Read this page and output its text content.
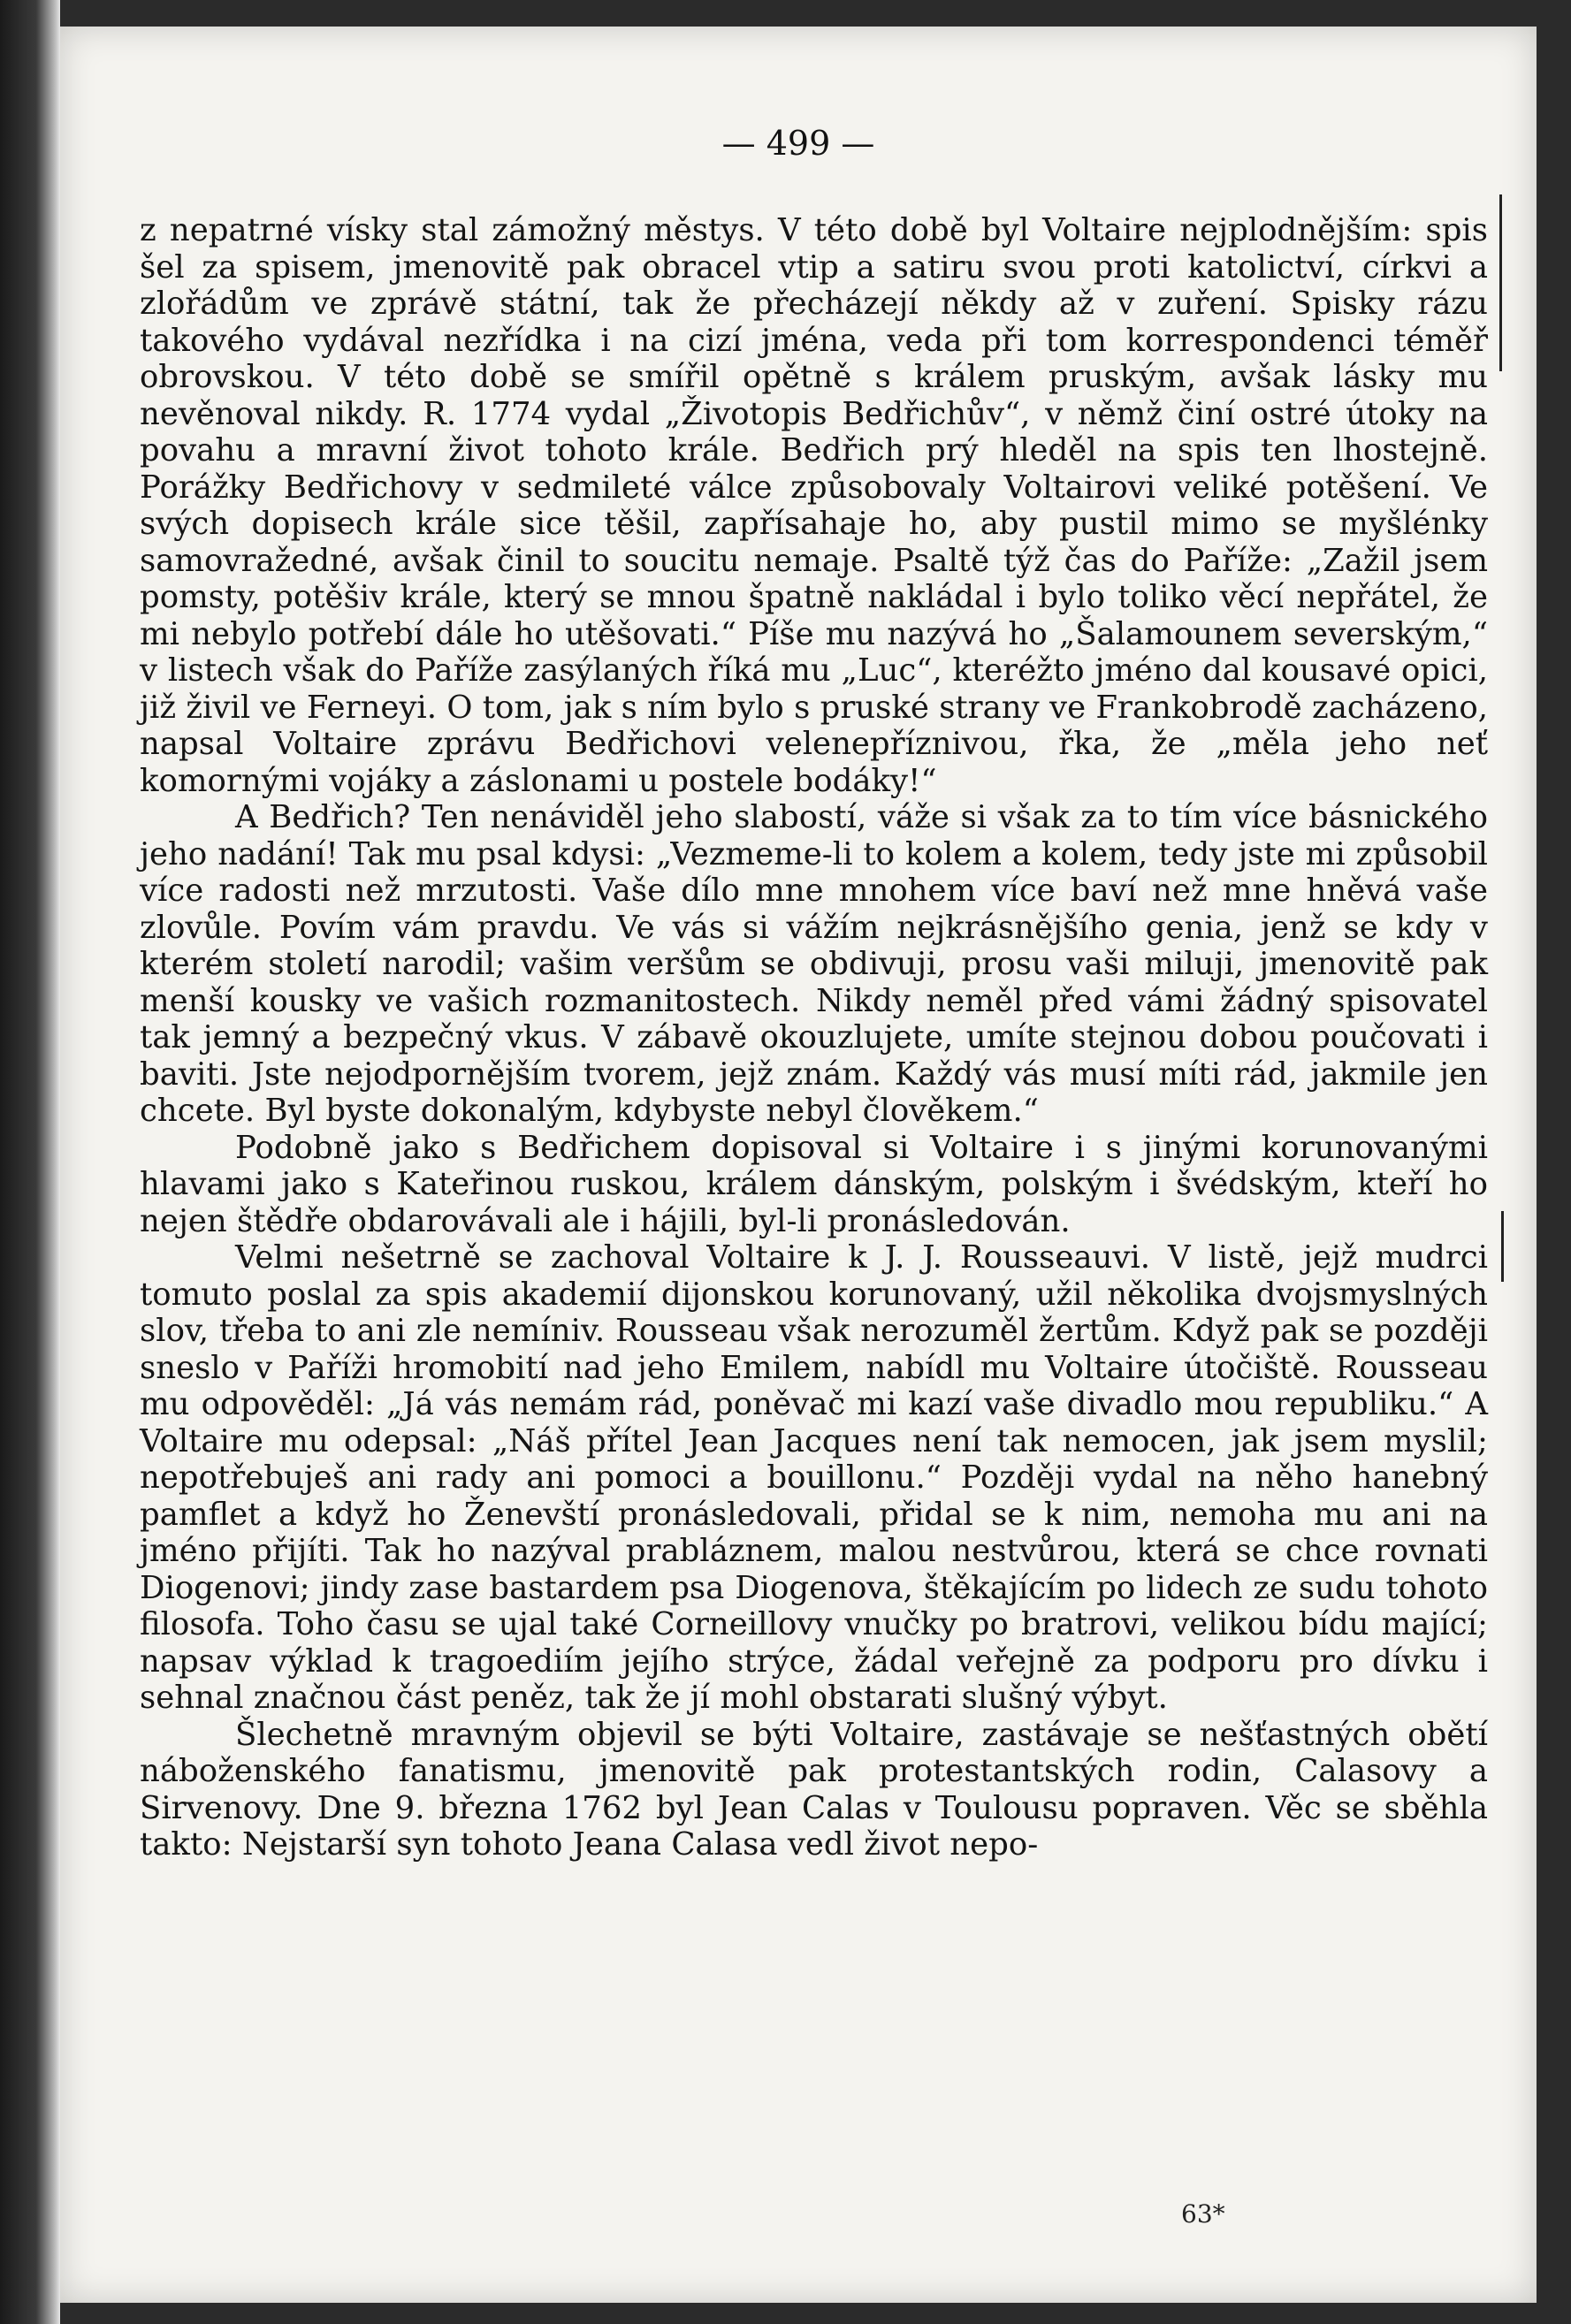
— 499 —

z nepatrné vísky stal zámožný městys. V této době byl Voltaire nejplodnějším: spis šel za spisem, jmenovitě pak obracel vtip a satiru svou proti katolictví, církvi a zlořádům ve zprávě státní, tak že přecházejí někdy až v zuření. Spisky rázu takového vydával nezřídka i na cizí jména, veda při tom korrespondenci téměř obrovskou. V této době se smířil opětně s králem pruským, avšak lásky mu nevěnoval nikdy. R. 1774 vydal „Životopis Bedřichův“, v němž činí ostré útoky na povahu a mravní život tohoto krále. Bedřich prý hleděl na spis ten lhostejně. Porážky Bedřichovy v sedmileté válce způsobovaly Voltairovi veliké potěšení. Ve svých dopisech krále sice těšil, zapřísahaje ho, aby pustil mimo se myšlénky samovražedné, avšak činil to soucitu nemaje. Psaltě týž čas do Paříže: „Zažil jsem pomsty, potěšiv krále, který se mnou špatně nakládal i bylo toliko věcí nepřátel, že mi nebylo potřebí dále ho utěšovati.“ Píše mu nazývá ho „Šalamounem severským,“ v listech však do Paříže zasýlaných říká mu „Luc“, kteréžto jméno dal kousavé opici, již živil ve Ferneyi. O tom, jak s ním bylo s pruské strany ve Frankobrodě zacházeno, napsal Voltaire zprávu Bedřichovi velenepříznivou, řka, že „měla jeho neť komornými vojáky a záslonami u postele bodáky!“

A Bedřich? Ten nenáviděl jeho slabostí, váže si však za to tím více básnického jeho nadání! Tak mu psal kdysi: „Vezmeme-li to kolem a kolem, tedy jste mi způsobil více radosti než mrzutosti. Vaše dílo mne mnohem více baví než mne hněvá vaše zlovůle. Povím vám pravdu. Ve vás si vážím nejkrásnějšího genia, jenž se kdy v kterém století narodil; vašim veršům se obdivuji, prosu vaši miluji, jmenovitě pak menší kousky ve vašich rozmanitostech. Nikdy neměl před vámi žádný spisovatel tak jemný a bezpečný vkus. V zábavě okouzlujete, umíte stejnou dobou poučovati i baviti. Jste nejodpornějším tvorem, jejž znám. Každý vás musí míti rád, jakmile jen chcete. Byl byste dokonalým, kdybyste nebyl člověkem.“

Podobně jako s Bedřichem dopisoval si Voltaire i s jinými korunovanými hlavami jako s Kateřinou ruskou, králem dánským, polským i švédským, kteří ho nejen štědře obdarovávali ale i hájili, byl-li pronásledován.

Velmi nešetrně se zachoval Voltaire k J. J. Rousseauvi. V listě, jejž mudrci tomuto poslal za spis akademií dijonskou korunovaný, užil několika dvojsmyslných slov, třeba to ani zle nemíniv. Rousseau však nerozuměl žertům. Když pak se později sneslo v Paříži hromobití nad jeho Emilem, nabídl mu Voltaire útočiště. Rousseau mu odpověděl: „Já vás nemám rád, poněvač mi kazí vaše divadlo mou republiku.“ A Voltaire mu odepsal: „Náš přítel Jean Jacques není tak nemocen, jak jsem myslil; nepotřebuješ ani rady ani pomoci a bouillonu.“ Později vydal na něho hanebný pamflet a když ho Ženevští pronásledovali, přidal se k nim, nemoha mu ani na jméno přijíti. Tak ho nazýval prabláznem, malou nestvůrou, která se chce rovnati Diogenovi; jindy zase bastardem psa Diogenova, štěkajícím po lidech ze sudu tohoto filosofa. Toho času se ujal také Corneillovy vnučky po bratrovi, velikou bídu mající; napsav výklad k tragoediím jejího strýce, žádal veřejně za podporu pro dívku i sehnal značnou část peněz, tak že jí mohl obstarati slušný výbyt.

Šlechetně mravným objevil se býti Voltaire, zastávaje se nešťastných obětí náboženského fanatismu, jmenovitě pak protestantských rodin, Calasovy a Sirvenovy. Dne 9. března 1762 byl Jean Calas v Toulousu popraven. Věc se sběhla takto: Nejstarší syn tohoto Jeana Calasa vedl život nepo-

63*
